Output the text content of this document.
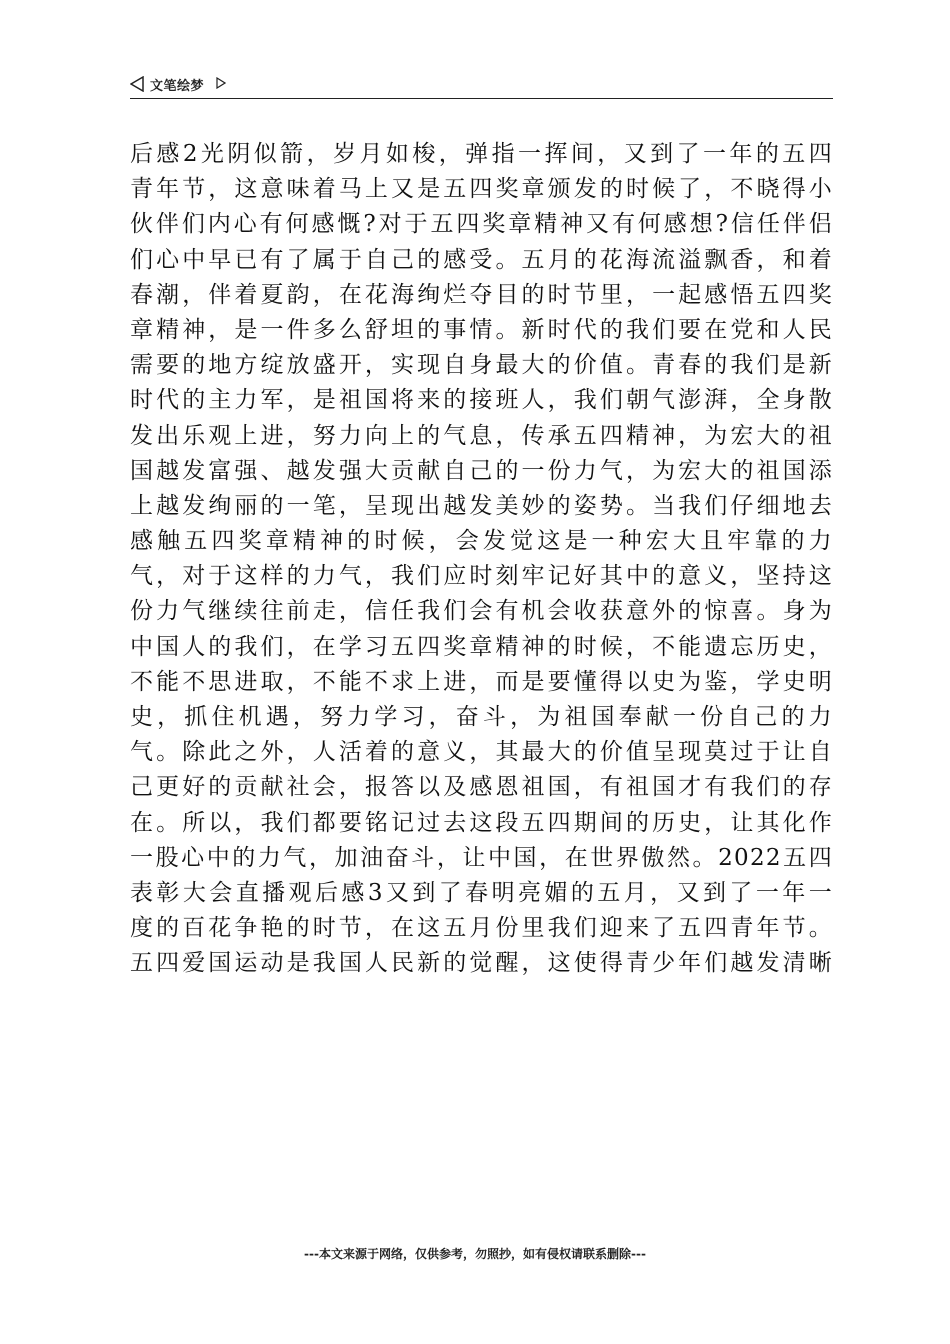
文笔绘梦
后感2光阴似箭，岁月如梭，弹指一挥间，又到了一年的五四
青年节，这意味着马上又是五四奖章颁发的时候了，不晓得小
伙伴们内心有何感慨?对于五四奖章精神又有何感想?信任伴侣
们心中早已有了属于自己的感受。五月的花海流溢飘香，和着
春潮，伴着夏韵，在花海绚烂夺目的时节里，一起感悟五四奖
章精神，是一件多么舒坦的事情。新时代的我们要在党和人民
需要的地方绽放盛开，实现自身最大的价值。青春的我们是新
时代的主力军，是祖国将来的接班人，我们朝气澎湃，全身散
发出乐观上进，努力向上的气息，传承五四精神，为宏大的祖
国越发富强、越发强大贡献自己的一份力气，为宏大的祖国添
上越发绚丽的一笔，呈现出越发美妙的姿势。当我们仔细地去
感触五四奖章精神的时候，会发觉这是一种宏大且牢靠的力
气，对于这样的力气，我们应时刻牢记好其中的意义，坚持这
份力气继续往前走，信任我们会有机会收获意外的惊喜。身为
中国人的我们，在学习五四奖章精神的时候，不能遗忘历史，
不能不思进取，不能不求上进，而是要懂得以史为鉴，学史明
史，抓住机遇，努力学习，奋斗，为祖国奉献一份自己的力
气。除此之外，人活着的意义，其最大的价值呈现莫过于让自
己更好的贡献社会，报答以及感恩祖国，有祖国才有我们的存
在。所以，我们都要铭记过去这段五四期间的历史，让其化作
一股心中的力气，加油奋斗，让中国，在世界傲然。2022五四
表彰大会直播观后感3又到了春明亮媚的五月，又到了一年一
度的百花争艳的时节，在这五月份里我们迎来了五四青年节。
五四爱国运动是我国人民新的觉醒，这使得青少年们越发清晰
---本文来源于网络，仅供参考，勿照抄，如有侵权请联系删除---
